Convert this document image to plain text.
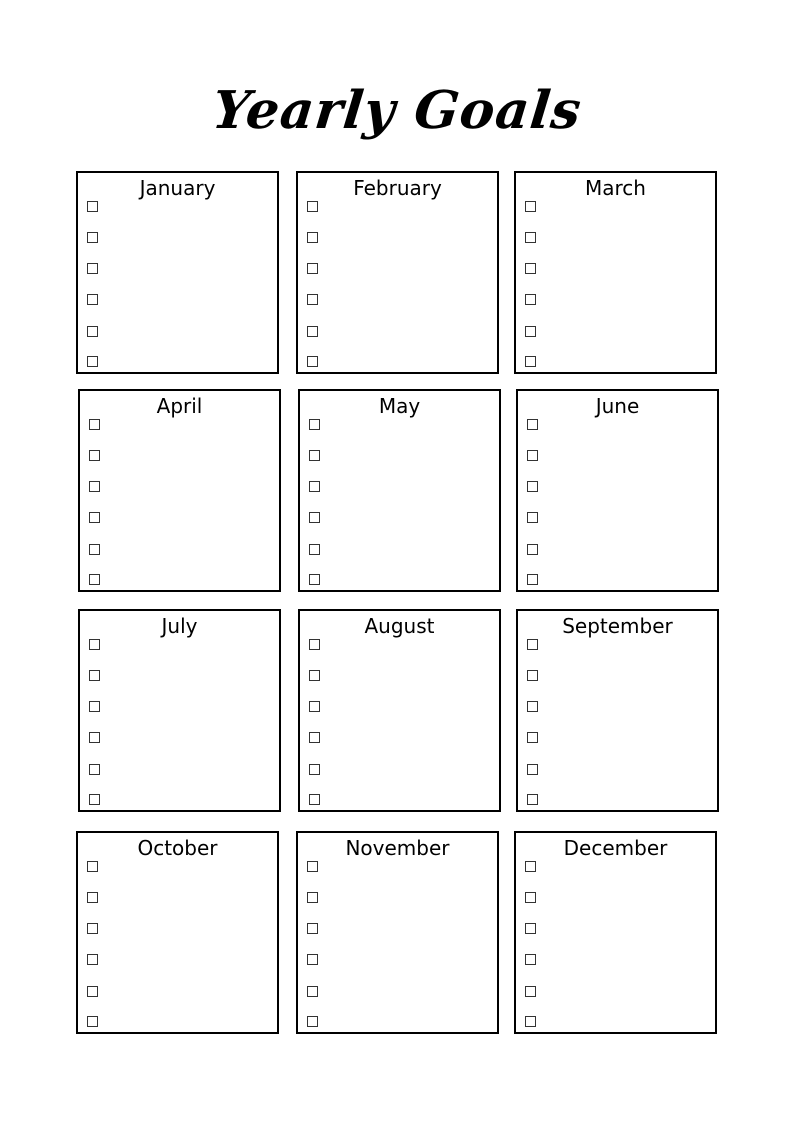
Yearly Goals
January	February	March
April	May	June
July	August	September
October	November	December
